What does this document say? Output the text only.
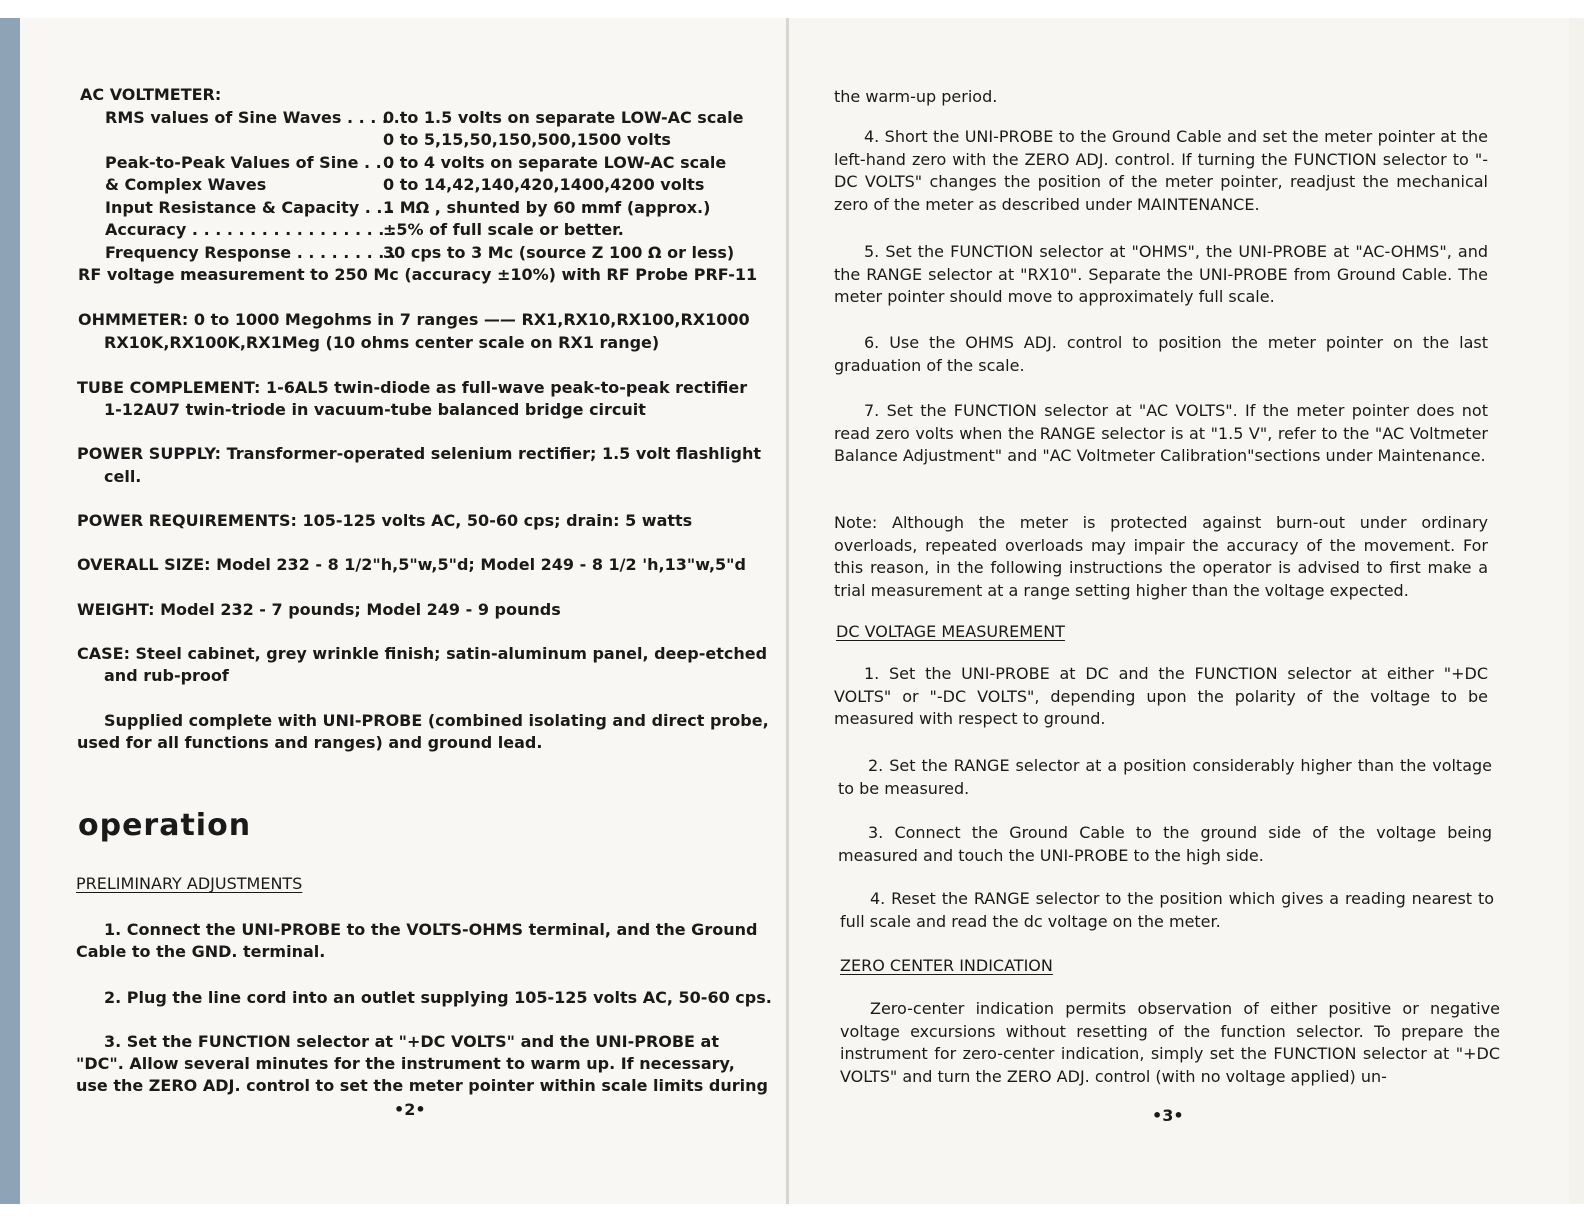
AC VOLTMETER:
RMS values of Sine Waves . . . . .
0 to 1.5 volts on separate LOW-AC scale
0 to 5,15,50,150,500,1500 volts
Peak-to-Peak Values of Sine . . .
0 to 4 volts on separate LOW-AC scale
& Complex Waves	0 to 14,42,140,420,1400,4200 volts
Input Resistance & Capacity . . . .
1 MΩ , shunted by 60 mmf (approx.)
Accuracy . . . . . . . . . . . . . . . . . .
±5% of full scale or better.
Frequency Response . . . . . . . . .
30 cps to 3 Mc (source Z 100 Ω or less)
RF voltage measurement to 250 Mc (accuracy ±10%) with RF Probe PRF-11
OHMMETER: 0 to 1000 Megohms in 7 ranges —— RX1,RX10,RX100,RX1000
RX10K,RX100K,RX1Meg (10 ohms center scale on RX1 range)
TUBE COMPLEMENT: 1-6AL5 twin-diode as full-wave peak-to-peak rectifier
1-12AU7 twin-triode in vacuum-tube balanced bridge circuit
POWER SUPPLY: Transformer-operated selenium rectifier; 1.5 volt flashlight
cell.
POWER REQUIREMENTS: 105-125 volts AC, 50-60 cps; drain: 5 watts
OVERALL SIZE: Model 232 - 8 1/2"h,5"w,5"d; Model 249 - 8 1/2 'h,13"w,5"d
WEIGHT: Model 232 - 7 pounds; Model 249 - 9 pounds
CASE: Steel cabinet, grey wrinkle finish; satin-aluminum panel, deep-etched
and rub-proof
Supplied complete with UNI-PROBE (combined isolating and direct probe,
used for all functions and ranges) and ground lead.
operation
PRELIMINARY ADJUSTMENTS
1. Connect the UNI-PROBE to the VOLTS-OHMS terminal, and the Ground
Cable to the GND. terminal.
2. Plug the line cord into an outlet supplying 105-125 volts AC, 50-60 cps.
3. Set the FUNCTION selector at "+DC VOLTS" and the UNI-PROBE at
"DC". Allow several minutes for the instrument to warm up. If necessary,
use the ZERO ADJ. control to set the meter pointer within scale limits during
•2•
the warm-up period.

4. Short the UNI-PROBE to the Ground Cable and set the meter pointer at the left-hand zero with the ZERO ADJ. control. If turning the FUNCTION selector to "-DC VOLTS" changes the position of the meter pointer, readjust the mechanical zero of the meter as described under MAINTENANCE.

5. Set the FUNCTION selector at "OHMS", the UNI-PROBE at "AC-OHMS", and the RANGE selector at "RX10". Separate the UNI-PROBE from Ground Cable. The meter pointer should move to approximately full scale.

6. Use the OHMS ADJ. control to position the meter pointer on the last graduation of the scale.

7. Set the FUNCTION selector at "AC VOLTS". If the meter pointer does not read zero volts when the RANGE selector is at "1.5 V", refer to the "AC Voltmeter Balance Adjustment" and "AC Voltmeter Calibration"sections under Maintenance.

Note: Although the meter is protected against burn-out under ordinary overloads, repeated overloads may impair the accuracy of the movement. For this reason, in the following instructions the operator is advised to first make a trial measurement at a range setting higher than the voltage expected.

DC VOLTAGE MEASUREMENT

1. Set the UNI-PROBE at DC and the FUNCTION selector at either "+DC VOLTS" or "-DC VOLTS", depending upon the polarity of the voltage to be measured with respect to ground.

2. Set the RANGE selector at a position considerably higher than the voltage to be measured.

3. Connect the Ground Cable to the ground side of the voltage being measured and touch the UNI-PROBE to the high side.

4. Reset the RANGE selector to the position which gives a reading nearest to full scale and read the dc voltage on the meter.

ZERO CENTER INDICATION

Zero-center indication permits observation of either positive or negative voltage excursions without resetting of the function selector. To prepare the instrument for zero-center indication, simply set the FUNCTION selector at "+DC VOLTS" and turn the ZERO ADJ. control (with no voltage applied) un-

•3•
